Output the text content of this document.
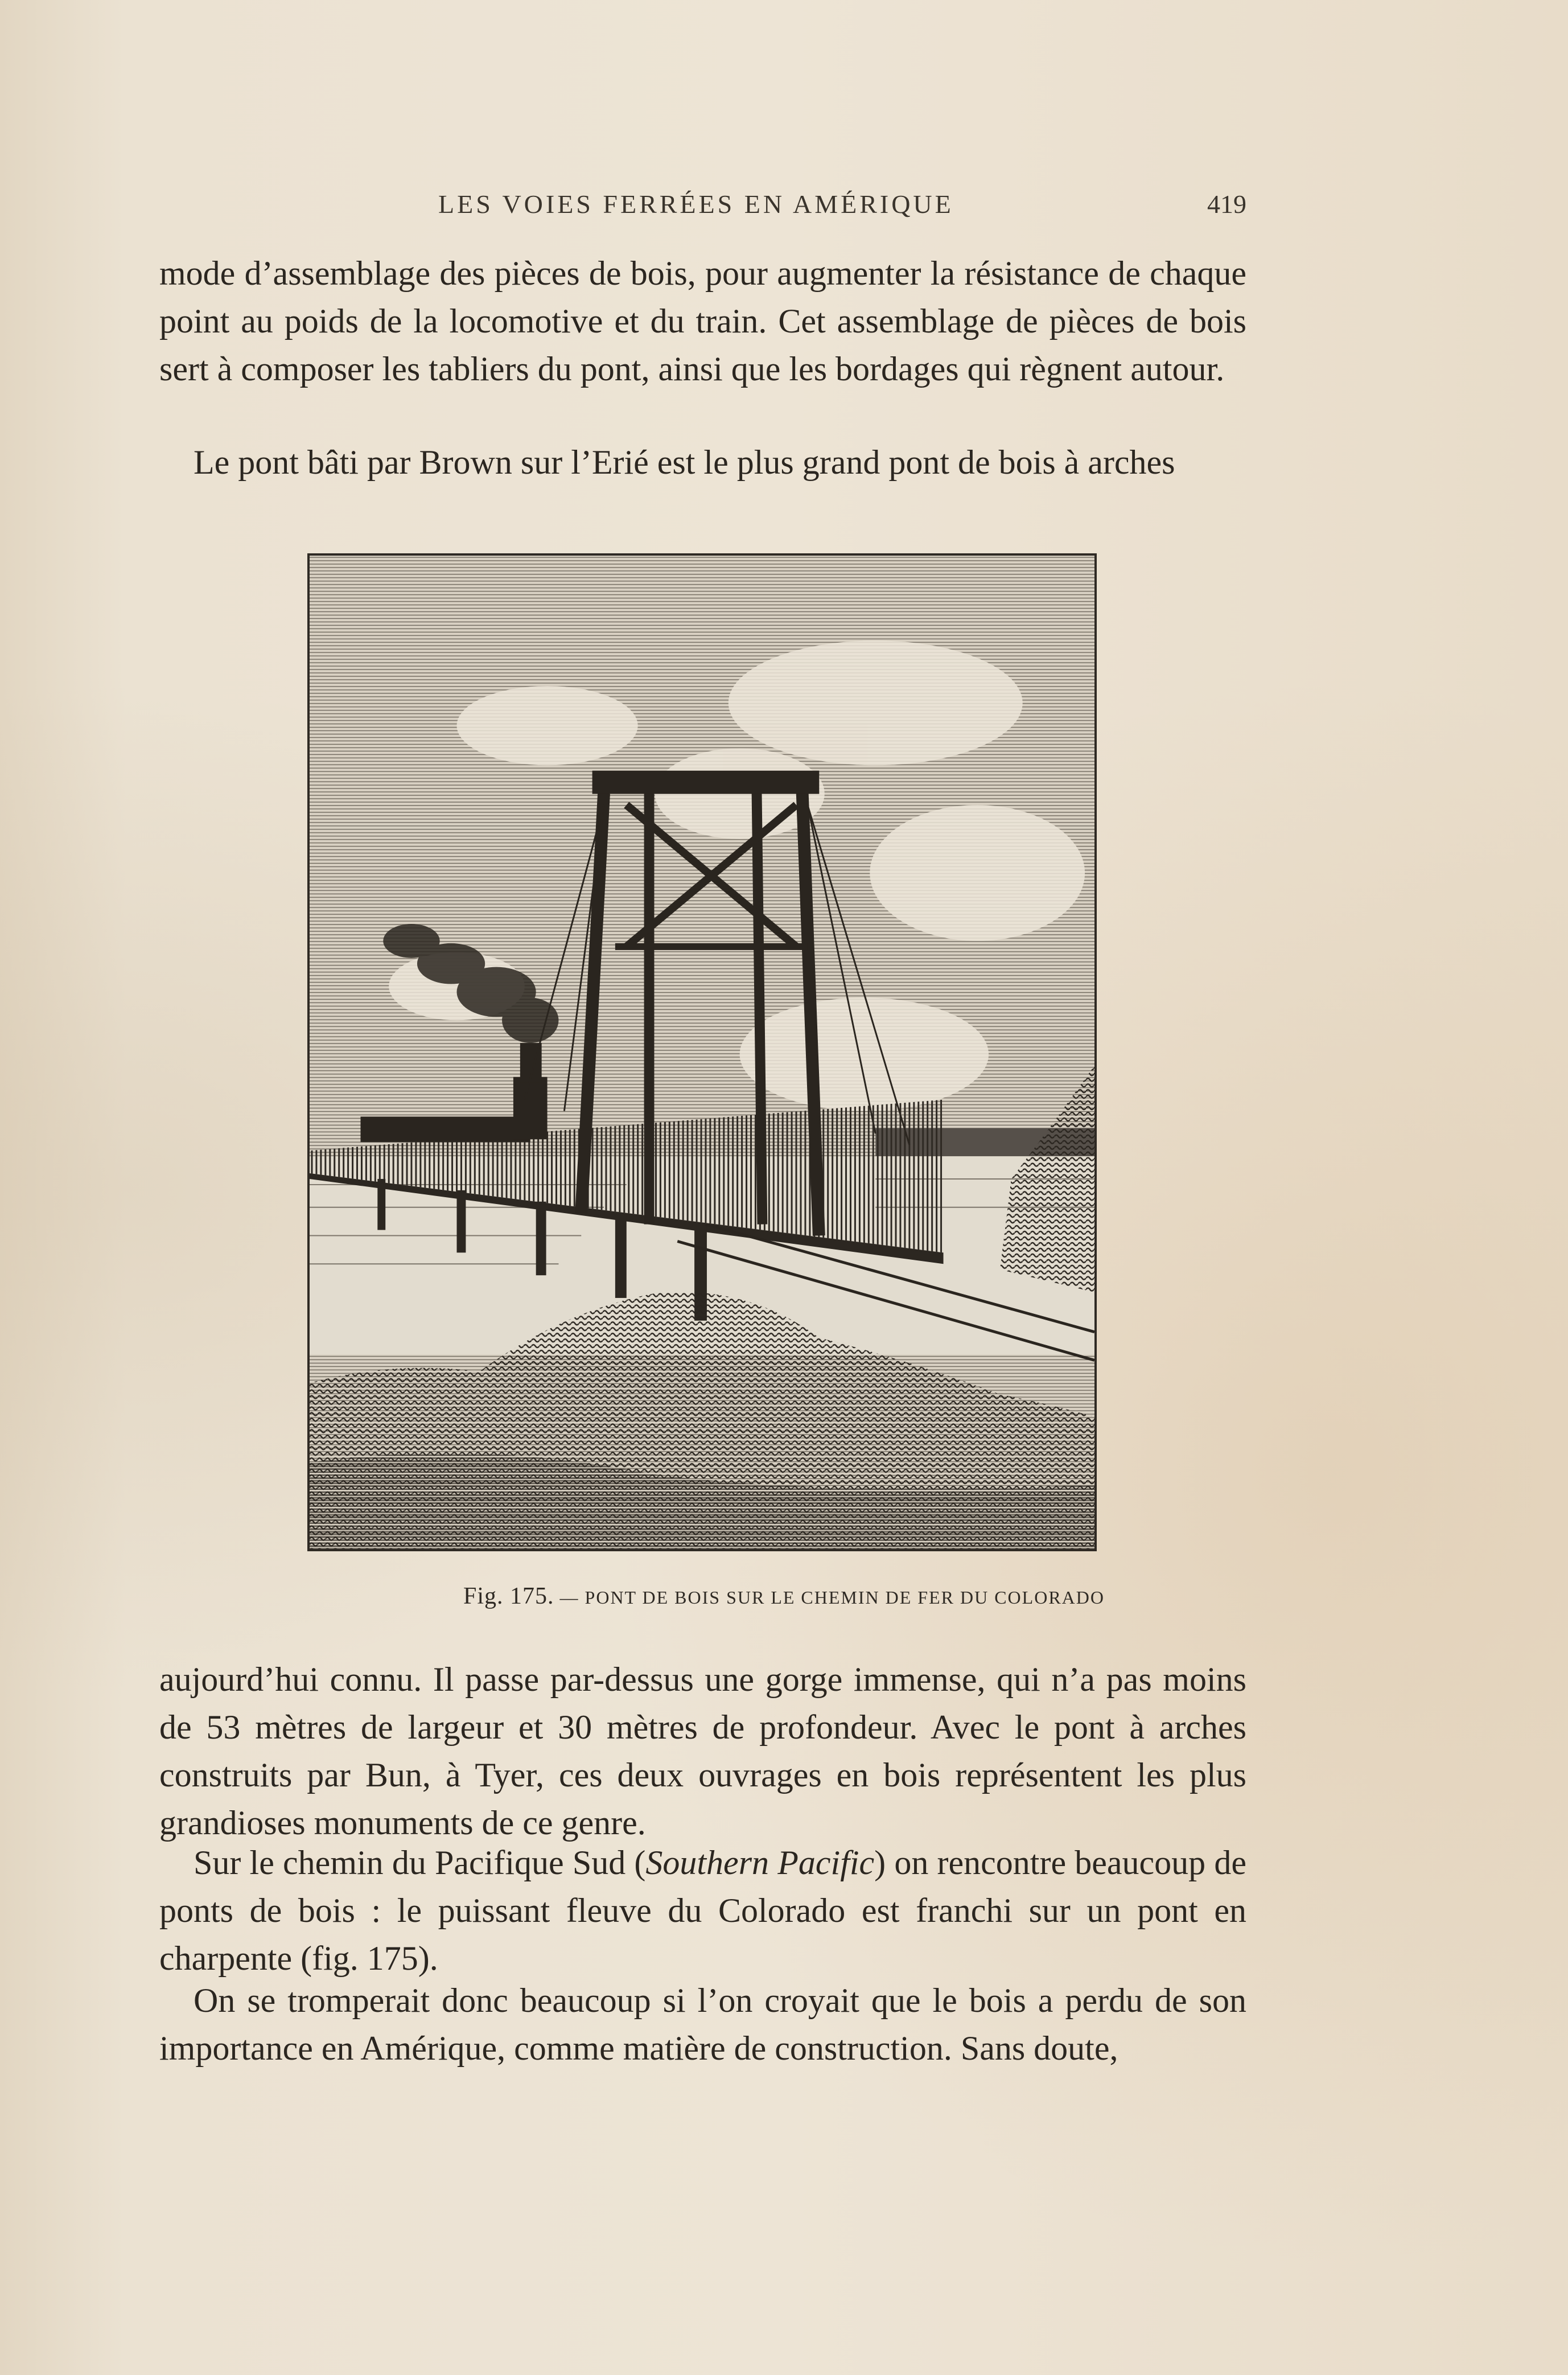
LES VOIES FERRÉES EN AMÉRIQUE	419

mode d’assemblage des pièces de bois, pour augmenter la résistance de chaque point au poids de la locomotive et du train. Cet assemblage de pièces de bois sert à composer les tabliers du pont, ainsi que les bordages qui règnent autour.

Le pont bâti par Brown sur l’Erié est le plus grand pont de bois à arches

Fig. 175. — PONT DE BOIS SUR LE CHEMIN DE FER DU COLORADO

aujourd’hui connu. Il passe par-dessus une gorge immense, qui n’a pas moins de 53 mètres de largeur et 30 mètres de profondeur. Avec le pont à arches construits par Bun, à Tyer, ces deux ouvrages en bois représentent les plus grandioses monuments de ce genre.

Sur le chemin du Pacifique Sud (Southern Pacific) on rencontre beaucoup de ponts de bois : le puissant fleuve du Colorado est franchi sur un pont en charpente (fig. 175).

On se tromperait donc beaucoup si l’on croyait que le bois a perdu de son importance en Amérique, comme matière de construction. Sans doute,
